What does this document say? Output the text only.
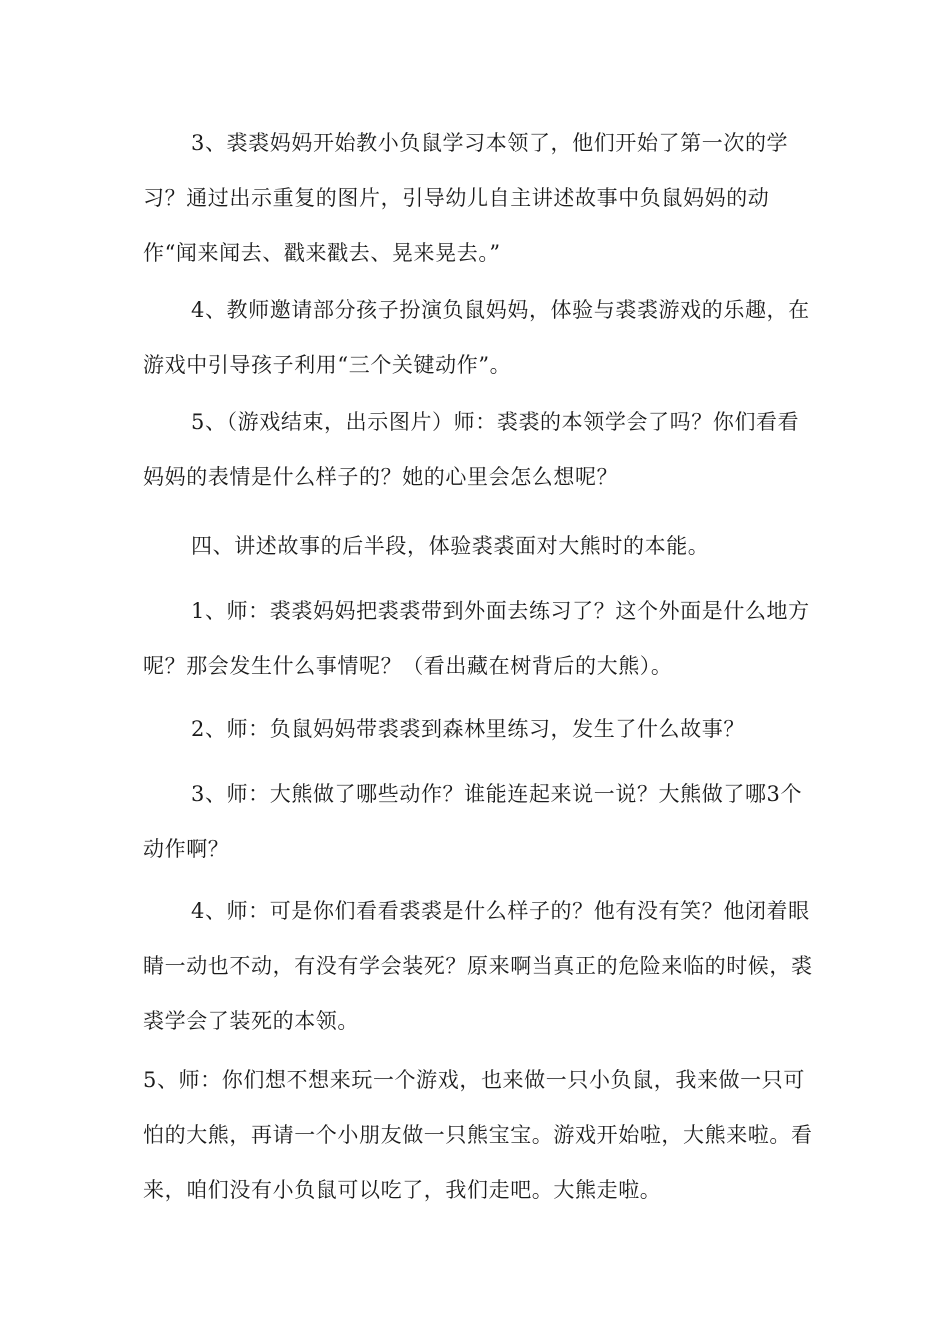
3、裘裘妈妈开始教小负鼠学习本领了，他们开始了第一次的学习？通过出示重复的图片，引导幼儿自主讲述故事中负鼠妈妈的动作“闻来闻去、戳来戳去、晃来晃去。”

4、教师邀请部分孩子扮演负鼠妈妈，体验与裘裘游戏的乐趣，在游戏中引导孩子利用“三个关键动作”。

5、（游戏结束，出示图片）师：裘裘的本领学会了吗？你们看看妈妈的表情是什么样子的？她的心里会怎么想呢？

四、讲述故事的后半段，体验裘裘面对大熊时的本能。

1、师：裘裘妈妈把裘裘带到外面去练习了？这个外面是什么地方呢？那会发生什么事情呢？（看出藏在树背后的大熊）。

2、师：负鼠妈妈带裘裘到森林里练习，发生了什么故事？

3、师：大熊做了哪些动作？谁能连起来说一说？大熊做了哪3个动作啊？

4、师：可是你们看看裘裘是什么样子的？他有没有笑？他闭着眼睛一动也不动，有没有学会装死？原来啊当真正的危险来临的时候，裘裘学会了装死的本领。

5、师：你们想不想来玩一个游戏，也来做一只小负鼠，我来做一只可怕的大熊，再请一个小朋友做一只熊宝宝。游戏开始啦，大熊来啦。看来，咱们没有小负鼠可以吃了，我们走吧。大熊走啦。
